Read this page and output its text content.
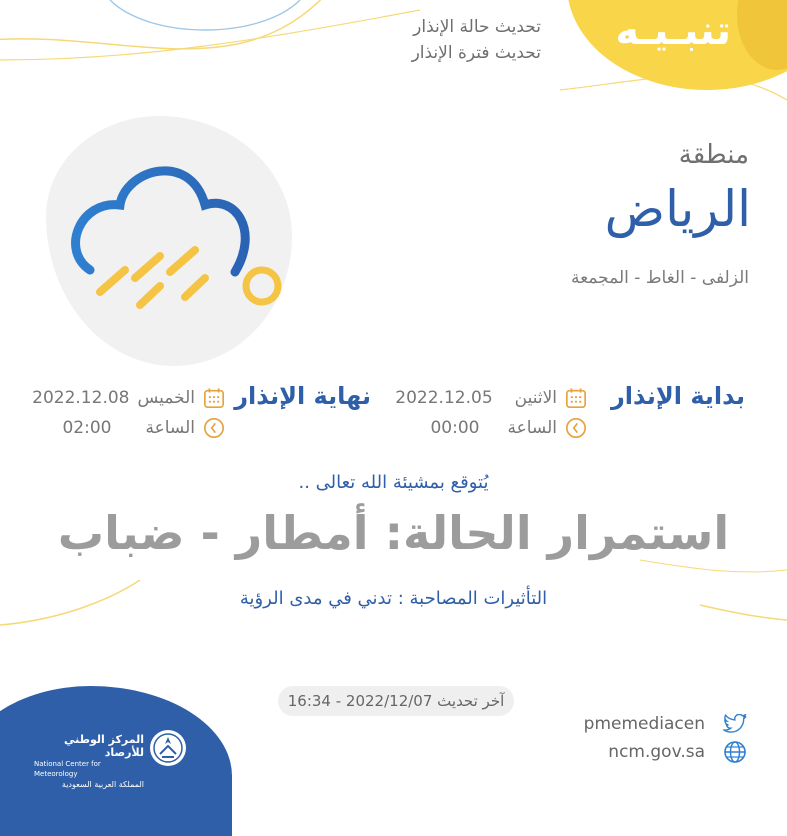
تنبـيـه
تحديث حالة الإنذار
تحديث فترة الإنذار
منطقة
الرياض
الزلفى - الغاط - المجمعة
بداية الإنذار
الاثنين
2022.12.05
الساعة
00:00
نهاية الإنذار
الخميس
2022.12.08
الساعة
02:00
يُتوقع بمشيئة الله تعالى ..
استمرار الحالة: أمطار - ضباب
التأثيرات المصاحبة : تدني في مدى الرؤية
آخر تحديث 2022/12/07 - 16:34
المركز الوطني للأرصاد
National Center for Meteorology
المملكة العربية السعودية
pmemediacen
ncm.gov.sa
